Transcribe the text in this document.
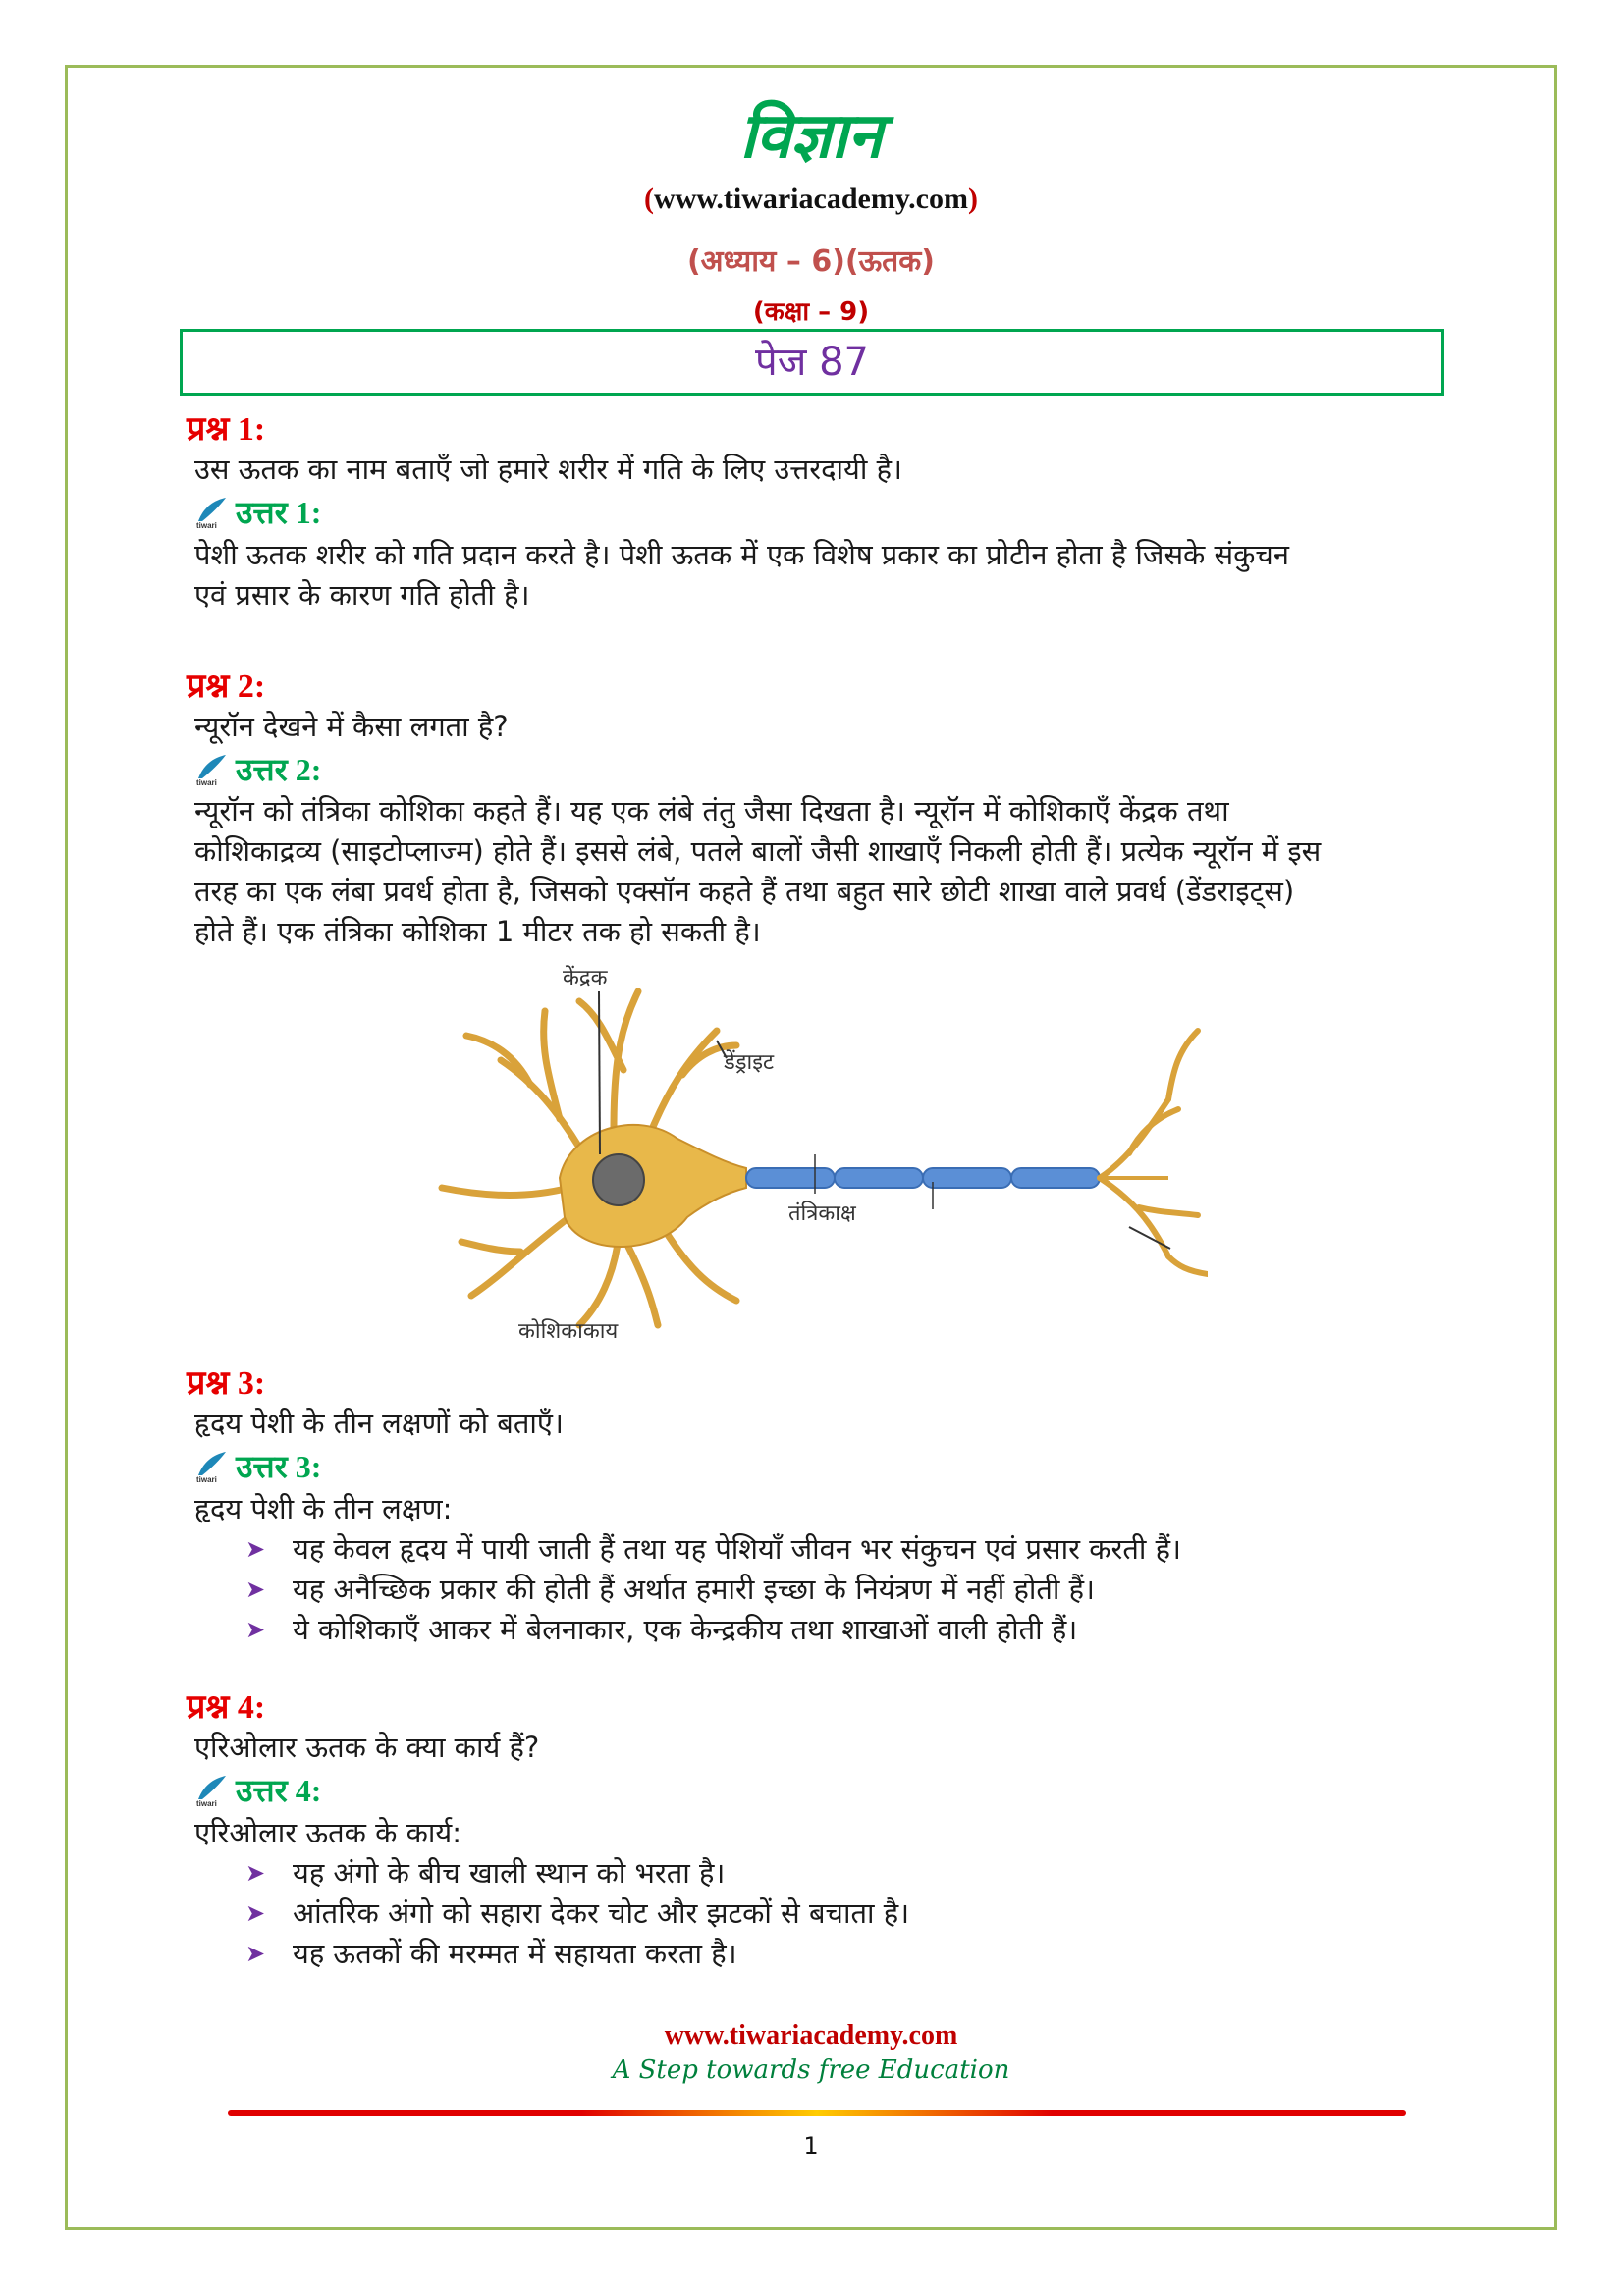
विज्ञान
(www.tiwariacademy.com)
(अध्याय – 6)(ऊतक)
(कक्षा – 9)
पेज 87
प्रश्न 1:
उस ऊतक का नाम बताएँ जो हमारे शरीर में गति के लिए उत्तरदायी है।
tiwari उत्तर 1:
पेशी ऊतक शरीर को गति प्रदान करते है। पेशी ऊतक में एक विशेष प्रकार का प्रोटीन होता है जिसके संकुचन
एवं प्रसार के कारण गति होती है।
प्रश्न 2:
न्यूरॉन देखने में कैसा लगता है?
tiwari उत्तर 2:
न्यूरॉन को तंत्रिका कोशिका कहते हैं। यह एक लंबे तंतु जैसा दिखता है। न्यूरॉन में कोशिकाएँ केंद्रक तथा
कोशिकाद्रव्य (साइटोप्लाज्म) होते हैं। इससे लंबे, पतले बालों जैसी शाखाएँ निकली होती हैं। प्रत्येक न्यूरॉन में इस
तरह का एक लंबा प्रवर्ध होता है, जिसको एक्सॉन कहते हैं तथा बहुत सारे छोटी शाखा वाले प्रवर्ध (डेंडराइट्स)
होते हैं। एक तंत्रिका कोशिका 1 मीटर तक हो सकती है।
केंद्रक
डेंड्राइट
तंत्रिकाक्ष
कोशिकाकाय
प्रश्न 3:
हृदय पेशी के तीन लक्षणों को बताएँ।
tiwari उत्तर 3:
हृदय पेशी के तीन लक्षण:
➤ यह केवल हृदय में पायी जाती हैं तथा यह पेशियाँ जीवन भर संकुचन एवं प्रसार करती हैं।
➤ यह अनैच्छिक प्रकार की होती हैं अर्थात हमारी इच्छा के नियंत्रण में नहीं होती हैं।
➤ ये कोशिकाएँ आकर में बेलनाकार, एक केन्द्रकीय तथा शाखाओं वाली होती हैं।
प्रश्न 4:
एरिओलार ऊतक के क्या कार्य हैं?
tiwari उत्तर 4:
एरिओलार ऊतक के कार्य:
➤ यह अंगो के बीच खाली स्थान को भरता है।
➤ आंतरिक अंगो को सहारा देकर चोट और झटकों से बचाता है।
➤ यह ऊतकों की मरम्मत में सहायता करता है।
www.tiwariacademy.com
A Step towards free Education
1
